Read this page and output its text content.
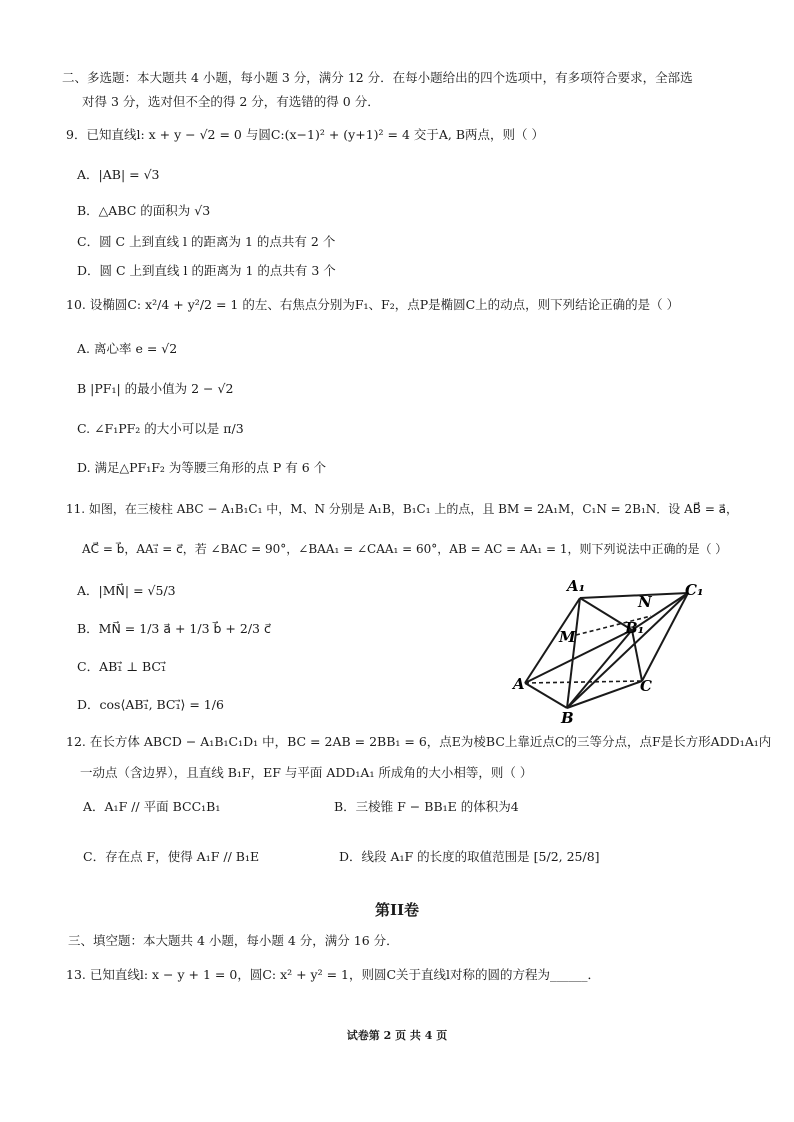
二、多选题：本大题共 4 小题，每小题 3 分，满分 12 分．在每小题给出的四个选项中，有多项符合要求，全部选
对得 3 分，选对但不全的得 2 分，有选错的得 0 分．
9．已知直线l: x + y − √2 = 0 与圆C:(x−1)² + (y+1)² = 4 交于A, B两点，则（ ）
A．|AB| = √3
B．△ABC 的面积为 √3
C．圆 C 上到直线 l 的距离为 1 的点共有 2 个
D．圆 C 上到直线 l 的距离为 1 的点共有 3 个
10. 设椭圆C: x²/4 + y²/2 = 1 的左、右焦点分别为F₁、F₂，点P是椭圆C上的动点，则下列结论正确的是（ ）
A. 离心率 e = √2
B |PF₁| 的最小值为 2 − √2
C. ∠F₁PF₂ 的大小可以是 π/3
D. 满足△PF₁F₂ 为等腰三角形的点 P 有 6 个
11. 如图，在三棱柱 ABC − A₁B₁C₁ 中，M、N 分别是 A₁B，B₁C₁ 上的点，且 BM = 2A₁M，C₁N = 2B₁N．设 AB⃗ = a⃗，
AC⃗ = b⃗，AA₁⃗ = c⃗，若 ∠BAC = 90°，∠BAA₁ = ∠CAA₁ = 60°，AB = AC = AA₁ = 1，则下列说法中正确的是（ ）
A．|MN⃗| = √5/3
B．MN⃗ = 1/3 a⃗ + 1/3 b⃗ + 2/3 c⃗
C．AB₁⃗ ⊥ BC₁⃗
D．cos⟨AB₁⃗, BC₁⃗⟩ = 1/6
A₁	C₁
N
M	B₁
A	C
B
12. 在长方体 ABCD − A₁B₁C₁D₁ 中，BC = 2AB = 2BB₁ = 6，点E为棱BC上靠近点C的三等分点，点F是长方形ADD₁A₁内
一动点（含边界），且直线 B₁F，EF 与平面 ADD₁A₁ 所成角的大小相等，则（ ）
A．A₁F // 平面 BCC₁B₁	B．三棱锥 F − BB₁E 的体积为4
C．存在点 F，使得 A₁F // B₁E	D．线段 A₁F 的长度的取值范围是 [5/2, 25/8]
第II卷
三、填空题：本大题共 4 小题，每小题 4 分，满分 16 分．
13. 已知直线l: x − y + 1 = 0，圆C: x² + y² = 1，则圆C关于直线l对称的圆的方程为______．
试卷第 2 页 共 4 页
